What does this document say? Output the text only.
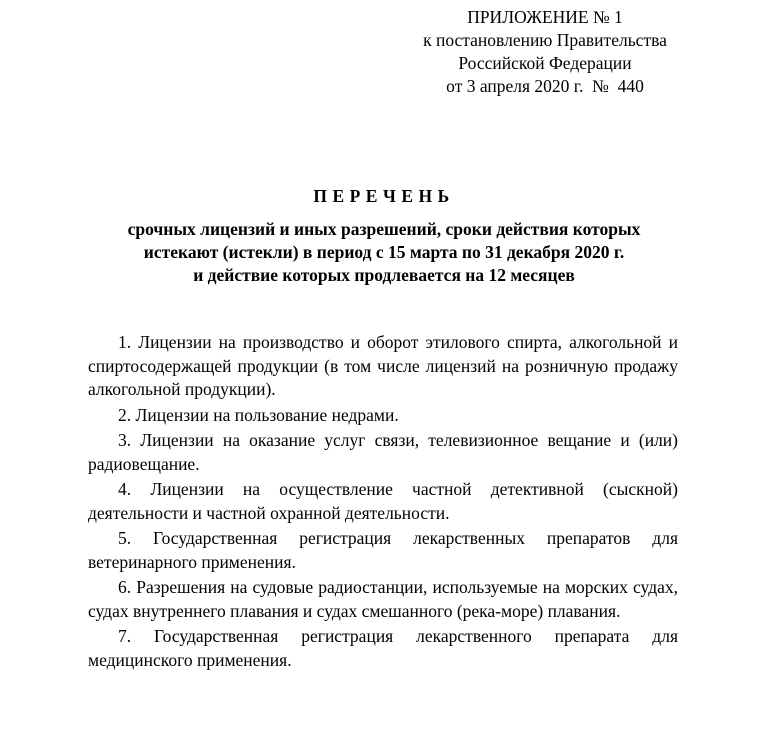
ПРИЛОЖЕНИЕ № 1
к постановлению Правительства
Российской Федерации
от 3 апреля 2020 г.  №  440
ПЕРЕЧЕНЬ
срочных лицензий и иных разрешений, сроки действия которых
истекают (истекли) в период с 15 марта по 31 декабря 2020 г.
и действие которых продлевается на 12 месяцев

1. Лицензии на производство и оборот этилового спирта, алкогольной и спиртосодержащей продукции (в том числе лицензий на розничную продажу алкогольной продукции).

2. Лицензии на пользование недрами.

3. Лицензии на оказание услуг связи, телевизионное вещание и (или) радиовещание.

4. Лицензии на осуществление частной детективной (сыскной) деятельности и частной охранной деятельности.

5. Государственная регистрация лекарственных препаратов для ветеринарного применения.

6. Разрешения на судовые радиостанции, используемые на морских судах, судах внутреннего плавания и судах смешанного (река-море) плавания.

7. Государственная регистрация лекарственного препарата для медицинского применения.
